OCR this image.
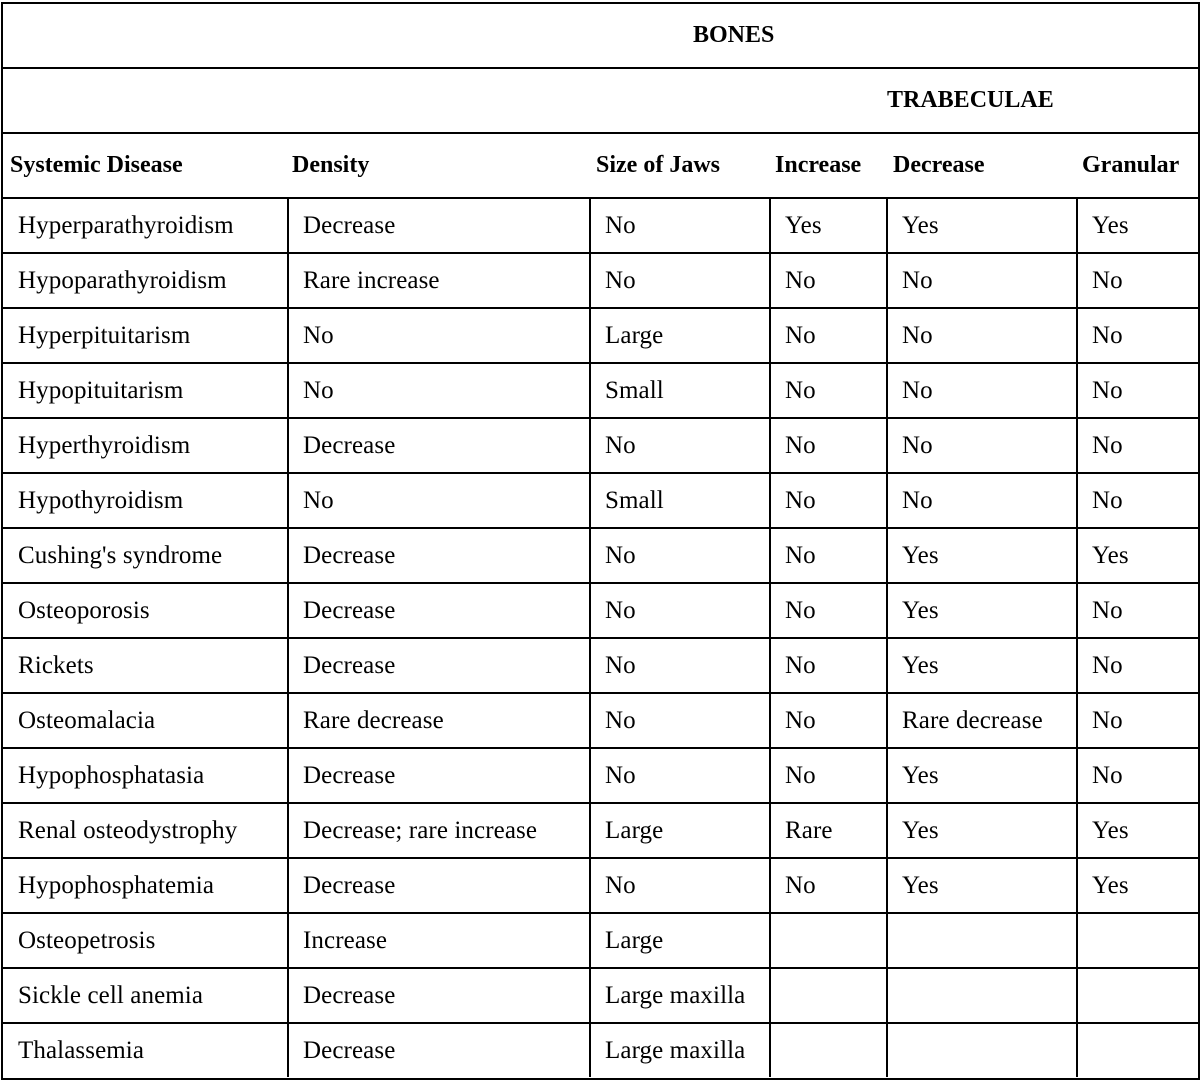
BONES
TRABECULAE
Systemic Disease	Density	Size of Jaws	Increase	Decrease	Granular
Hyperparathyroidism	Decrease	No	Yes	Yes	Yes
Hypoparathyroidism	Rare increase	No	No	No	No
Hyperpituitarism	No	Large	No	No	No
Hypopituitarism	No	Small	No	No	No
Hyperthyroidism	Decrease	No	No	No	No
Hypothyroidism	No	Small	No	No	No
Cushing's syndrome	Decrease	No	No	Yes	Yes
Osteoporosis	Decrease	No	No	Yes	No
Rickets	Decrease	No	No	Yes	No
Osteomalacia	Rare decrease	No	No	Rare decrease	No
Hypophosphatasia	Decrease	No	No	Yes	No
Renal osteodystrophy	Decrease; rare increase	Large	Rare	Yes	Yes
Hypophosphatemia	Decrease	No	No	Yes	Yes
Osteopetrosis	Increase	Large			
Sickle cell anemia	Decrease	Large maxilla			
Thalassemia	Decrease	Large maxilla			
